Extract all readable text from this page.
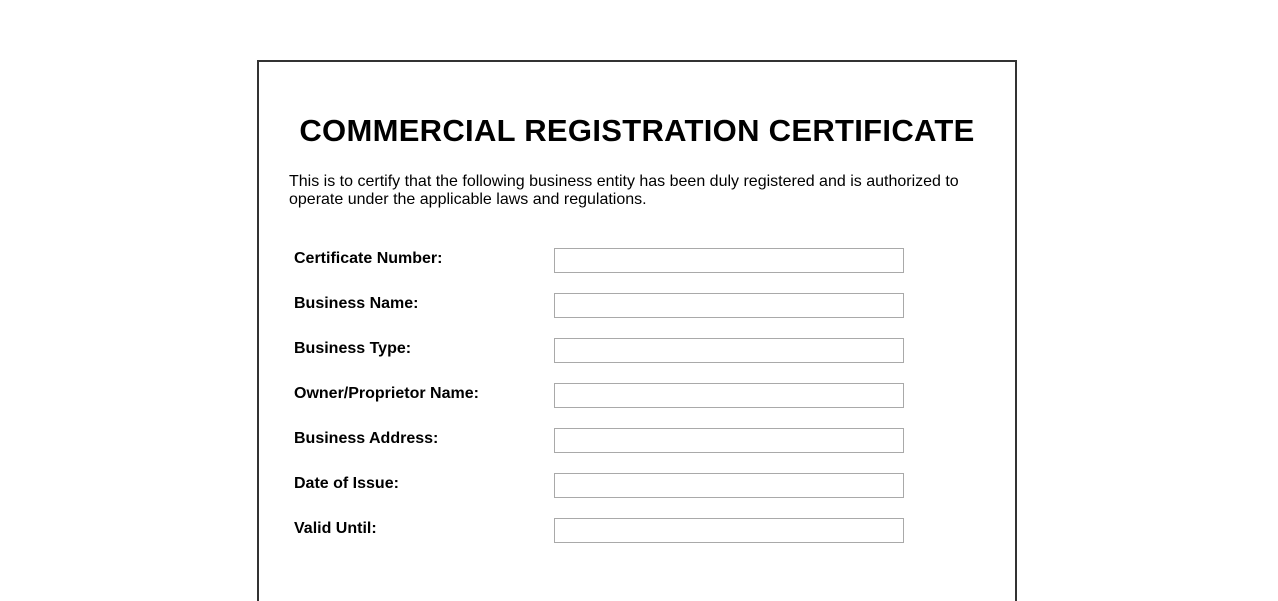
COMMERCIAL REGISTRATION CERTIFICATE

This is to certify that the following business entity has been duly registered and is authorized to operate under the applicable laws and regulations.

Certificate Number:
Business Name:
Business Type:
Owner/Proprietor Name:
Business Address:
Date of Issue:
Valid Until:
